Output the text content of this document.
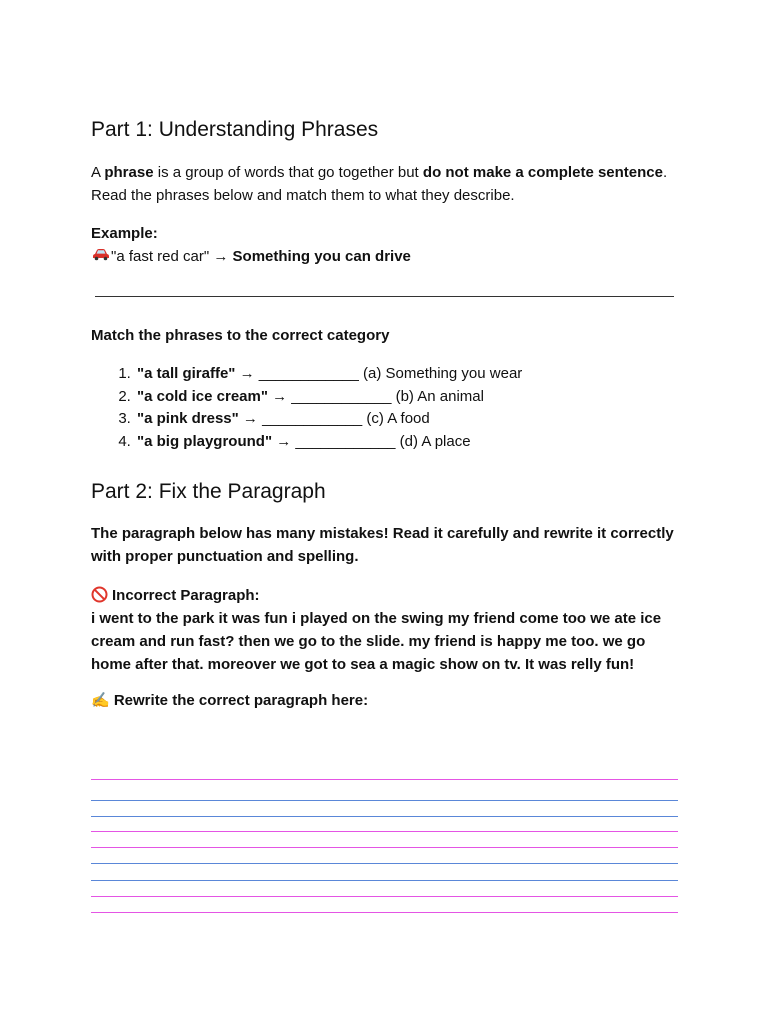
Part 1: Understanding Phrases

A phrase is a group of words that go together but do not make a complete sentence.
Read the phrases below and match them to what they describe.

Example:
"a fast red car" → Something you can drive

Match the phrases to the correct category

1. "a tall giraffe" → ____________ (a) Something you wear
2. "a cold ice cream" → ____________ (b) An animal
3. "a pink dress" → ____________ (c) A food
4. "a big playground" → ____________ (d) A place
Part 2: Fix the Paragraph

The paragraph below has many mistakes! Read it carefully and rewrite it correctly with proper punctuation and spelling.

Incorrect Paragraph:
i went to the park it was fun i played on the swing my friend come too we ate ice cream and run fast? then we go to the slide. my friend is happy me too. we go home after that. moreover we got to sea a magic show on tv. It was relly fun!

✍ Rewrite the correct paragraph here:
